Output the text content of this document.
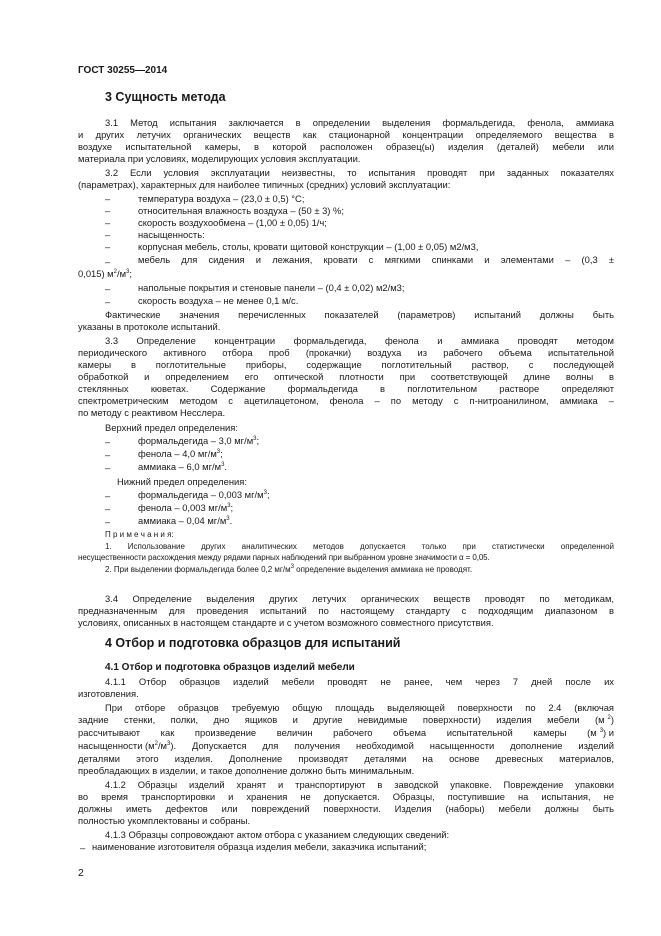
ГОСТ 30255—2014
3 Сущность метода
3.1 Метод испытания заключается в определении выделения формальдегида, фенола, аммиака
и других летучих органических веществ как стационарной концентрации определяемого вещества в
воздухе испытательной камеры, в которой расположен образец(ы) изделия (деталей) мебели или
материала при условиях, моделирующих условия эксплуатации.
3.2 Если условия эксплуатации неизвестны, то испытания проводят при заданных показателях
(параметрах), характерных для наиболее типичных (средних) условий эксплуатации:
–	температура воздуха – (23,0 ± 0,5) °С;
–	относительная влажность воздуха – (50 ± 3) %;
–	скорость воздухообмена – (1,00 ± 0,05) 1/ч;
–	насыщенность:
–	корпусная мебель, столы, кровати щитовой конструкции – (1,00 ± 0,05) м2/м3,
–	мебель для сидения и лежания, кровати с мягкими спинками и элементами – (0,3 ±
0,015) $м^2/м^3$;
–	напольные покрытия и стеновые панели – (0,4 ± 0,02) м2/м3;
–	скорость воздуха – не менее 0,1 м/с.
Фактические значения перечисленных показателей (параметров) испытаний должны быть
указаны в протоколе испытаний.
3.3 Определение концентрации формальдегида, фенола и аммиака проводят методом
периодического активного отбора проб (прокачки) воздуха из рабочего объема испытательной
камеры в поглотительные приборы, содержащие поглотительный раствор, с последующей
обработкой и определением его оптической плотности при соответствующей длине волны в
стеклянных кюветах. Содержание формальдегида в поглотительном растворе определяют
спектрометрическим методом с ацетилацетоном, фенола – по методу с п-нитроанилином, аммиака –
по методу с реактивом Несслера.
Верхний предел определения:
–	формальдегида – 3,0 $мг/м^3$;
–	фенола – 4,0 $мг/м^3$;
–	аммиака – 6,0 $мг/м^3$.
Нижний предел определения:
–	формальдегида – 0,003 $мг/м^3$;
–	фенола – 0,003 $мг/м^3$;
–	аммиака – 0,04 $мг/м^3$.
П р и м е ч а н и я:
1. Использование других аналитических методов допускается только при статистически определенной
несущественности расхождения между рядами парных наблюдений при выбранном уровне значимости α = 0,05.
2. При выделении формальдегида более 0,2 $мг/м^3$ определение выделения аммиака не проводят.
3.4 Определение выделения других летучих органических веществ проводят по методикам,
предназначенным для проведения испытаний по настоящему стандарту с подходящим диапазоном в
условиях, описанных в настоящем стандарте и с учетом возможного совместного присутствия.
4 Отбор и подготовка образцов для испытаний
4.1 Отбор и подготовка образцов изделий мебели
4.1.1 Отбор образцов изделий мебели проводят не ранее, чем через 7 дней после их
изготовления.
При отборе образцов требуемую общую площадь выделяющей поверхности по 2.4 (включая
задние стенки, полки, дно ящиков и другие невидимые поверхности) изделия мебели (м $^2$)
рассчитывают как произведение величин рабочего объема испытательной камеры (м $^3$) и
насыщенности ($м^2/м^3$ ). Допускается для получения необходимой насыщенности дополнение изделий
деталями этого изделия. Дополнение производят деталями на основе древесных материалов,
преобладающих в изделии, и такое дополнение должно быть минимальным.
4.1.2 Образцы изделий хранят и транспортируют в заводской упаковке. Повреждение упаковки
во время транспортировки и хранения не допускается. Образцы, поступившие на испытания, не
должны иметь дефектов или повреждений поверхности. Изделия (наборы) мебели должны быть
полностью укомплектованы и собраны.
4.1.3 Образцы сопровождают актом отбора с указанием следующих сведений:
– наименование изготовителя образца изделия мебели, заказчика испытаний;
2
